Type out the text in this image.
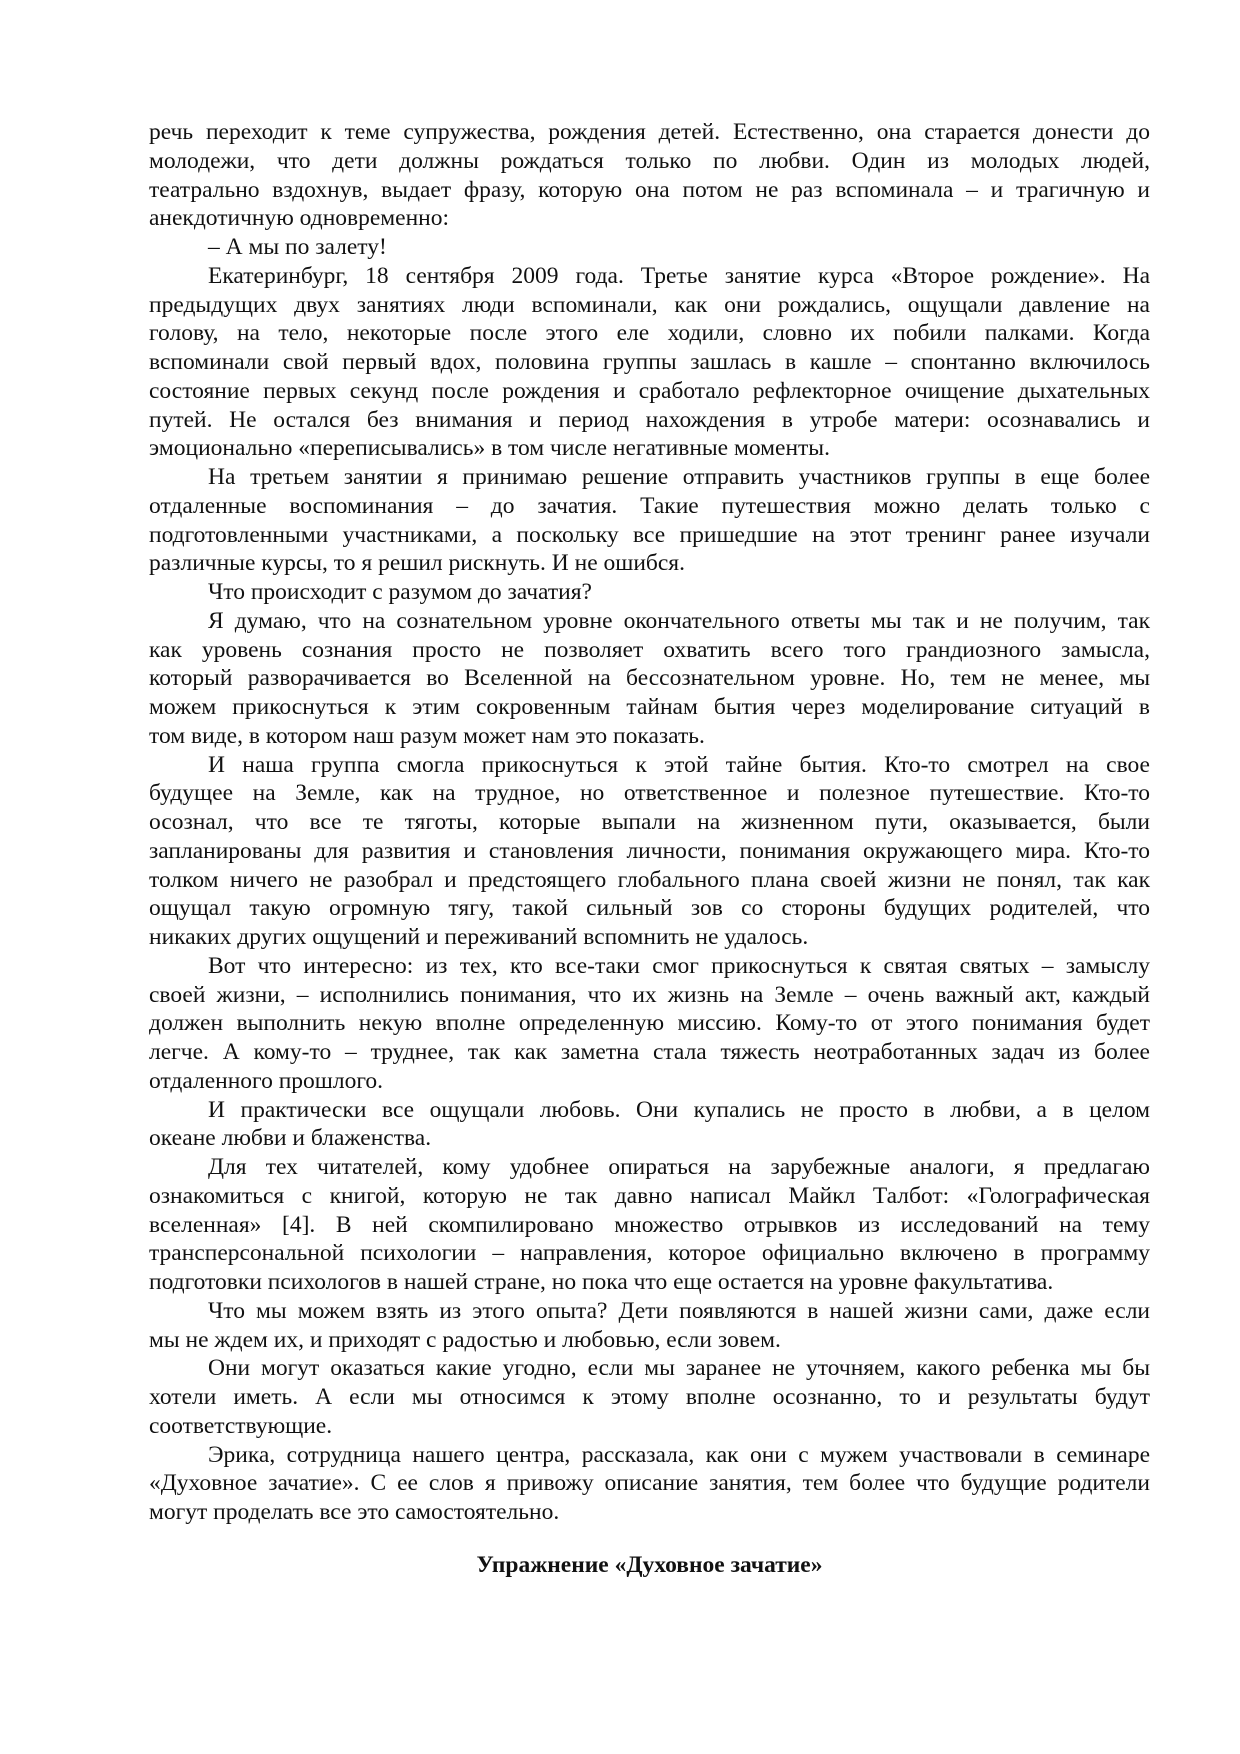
речь переходит к теме супружества, рождения детей. Естественно, она старается донести до
молодежи, что дети должны рождаться только по любви. Один из молодых людей,
театрально вздохнув, выдает фразу, которую она потом не раз вспоминала – и трагичную и
анекдотичную одновременно:
– А мы по залету!
Екатеринбург, 18 сентября 2009 года. Третье занятие курса «Второе рождение». На
предыдущих двух занятиях люди вспоминали, как они рождались, ощущали давление на
голову, на тело, некоторые после этого еле ходили, словно их побили палками. Когда
вспоминали свой первый вдох, половина группы зашлась в кашле – спонтанно включилось
состояние первых секунд после рождения и сработало рефлекторное очищение дыхательных
путей. Не остался без внимания и период нахождения в утробе матери: осознавались и
эмоционально «переписывались» в том числе негативные моменты.
На третьем занятии я принимаю решение отправить участников группы в еще более
отдаленные воспоминания – до зачатия. Такие путешествия можно делать только с
подготовленными участниками, а поскольку все пришедшие на этот тренинг ранее изучали
различные курсы, то я решил рискнуть. И не ошибся.
Что происходит с разумом до зачатия?
Я думаю, что на сознательном уровне окончательного ответы мы так и не получим, так
как уровень сознания просто не позволяет охватить всего того грандиозного замысла,
который разворачивается во Вселенной на бессознательном уровне. Но, тем не менее, мы
можем прикоснуться к этим сокровенным тайнам бытия через моделирование ситуаций в
том виде, в котором наш разум может нам это показать.
И наша группа смогла прикоснуться к этой тайне бытия. Кто-то смотрел на свое
будущее на Земле, как на трудное, но ответственное и полезное путешествие. Кто-то
осознал, что все те тяготы, которые выпали на жизненном пути, оказывается, были
запланированы для развития и становления личности, понимания окружающего мира. Кто-то
толком ничего не разобрал и предстоящего глобального плана своей жизни не понял, так как
ощущал такую огромную тягу, такой сильный зов со стороны будущих родителей, что
никаких других ощущений и переживаний вспомнить не удалось.
Вот что интересно: из тех, кто все-таки смог прикоснуться к святая святых – замыслу
своей жизни, – исполнились понимания, что их жизнь на Земле – очень важный акт, каждый
должен выполнить некую вполне определенную миссию. Кому-то от этого понимания будет
легче. А кому-то – труднее, так как заметна стала тяжесть неотработанных задач из более
отдаленного прошлого.
И практически все ощущали любовь. Они купались не просто в любви, а в целом
океане любви и блаженства.
Для тех читателей, кому удобнее опираться на зарубежные аналоги, я предлагаю
ознакомиться с книгой, которую не так давно написал Майкл Талбот: «Голографическая
вселенная» [4]. В ней скомпилировано множество отрывков из исследований на тему
трансперсональной психологии – направления, которое официально включено в программу
подготовки психологов в нашей стране, но пока что еще остается на уровне факультатива.
Что мы можем взять из этого опыта? Дети появляются в нашей жизни сами, даже если
мы не ждем их, и приходят с радостью и любовью, если зовем.
Они могут оказаться какие угодно, если мы заранее не уточняем, какого ребенка мы бы
хотели иметь. А если мы относимся к этому вполне осознанно, то и результаты будут
соответствующие.
Эрика, сотрудница нашего центра, рассказала, как они с мужем участвовали в семинаре
«Духовное зачатие». С ее слов я привожу описание занятия, тем более что будущие родители
могут проделать все это самостоятельно.
Упражнение «Духовное зачатие»
